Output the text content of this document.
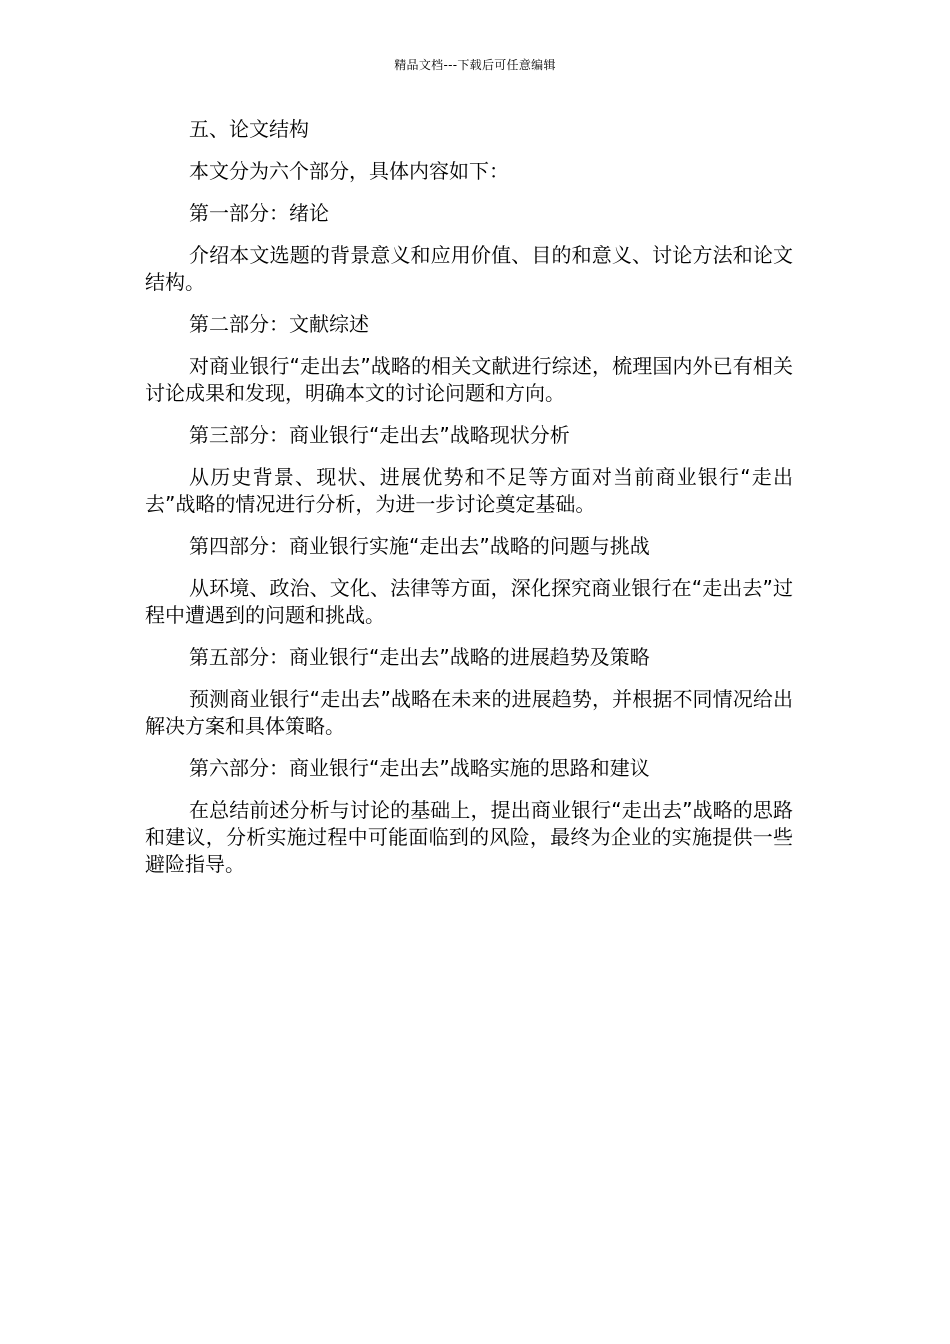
精品文档---下载后可任意编辑

五、论文结构

本文分为六个部分，具体内容如下：

第一部分：绪论

介绍本文选题的背景意义和应用价值、目的和意义、讨论方法和论文结构。

第二部分：文献综述

对商业银行“走出去”战略的相关文献进行综述，梳理国内外已有相关讨论成果和发现，明确本文的讨论问题和方向。

第三部分：商业银行“走出去”战略现状分析

从历史背景、现状、进展优势和不足等方面对当前商业银行“走出去”战略的情况进行分析，为进一步讨论奠定基础。

第四部分：商业银行实施“走出去”战略的问题与挑战

从环境、政治、文化、法律等方面，深化探究商业银行在“走出去”过程中遭遇到的问题和挑战。

第五部分：商业银行“走出去”战略的进展趋势及策略

预测商业银行“走出去”战略在未来的进展趋势，并根据不同情况给出解决方案和具体策略。

第六部分：商业银行“走出去”战略实施的思路和建议

在总结前述分析与讨论的基础上，提出商业银行“走出去”战略的思路和建议，分析实施过程中可能面临到的风险，最终为企业的实施提供一些避险指导。
